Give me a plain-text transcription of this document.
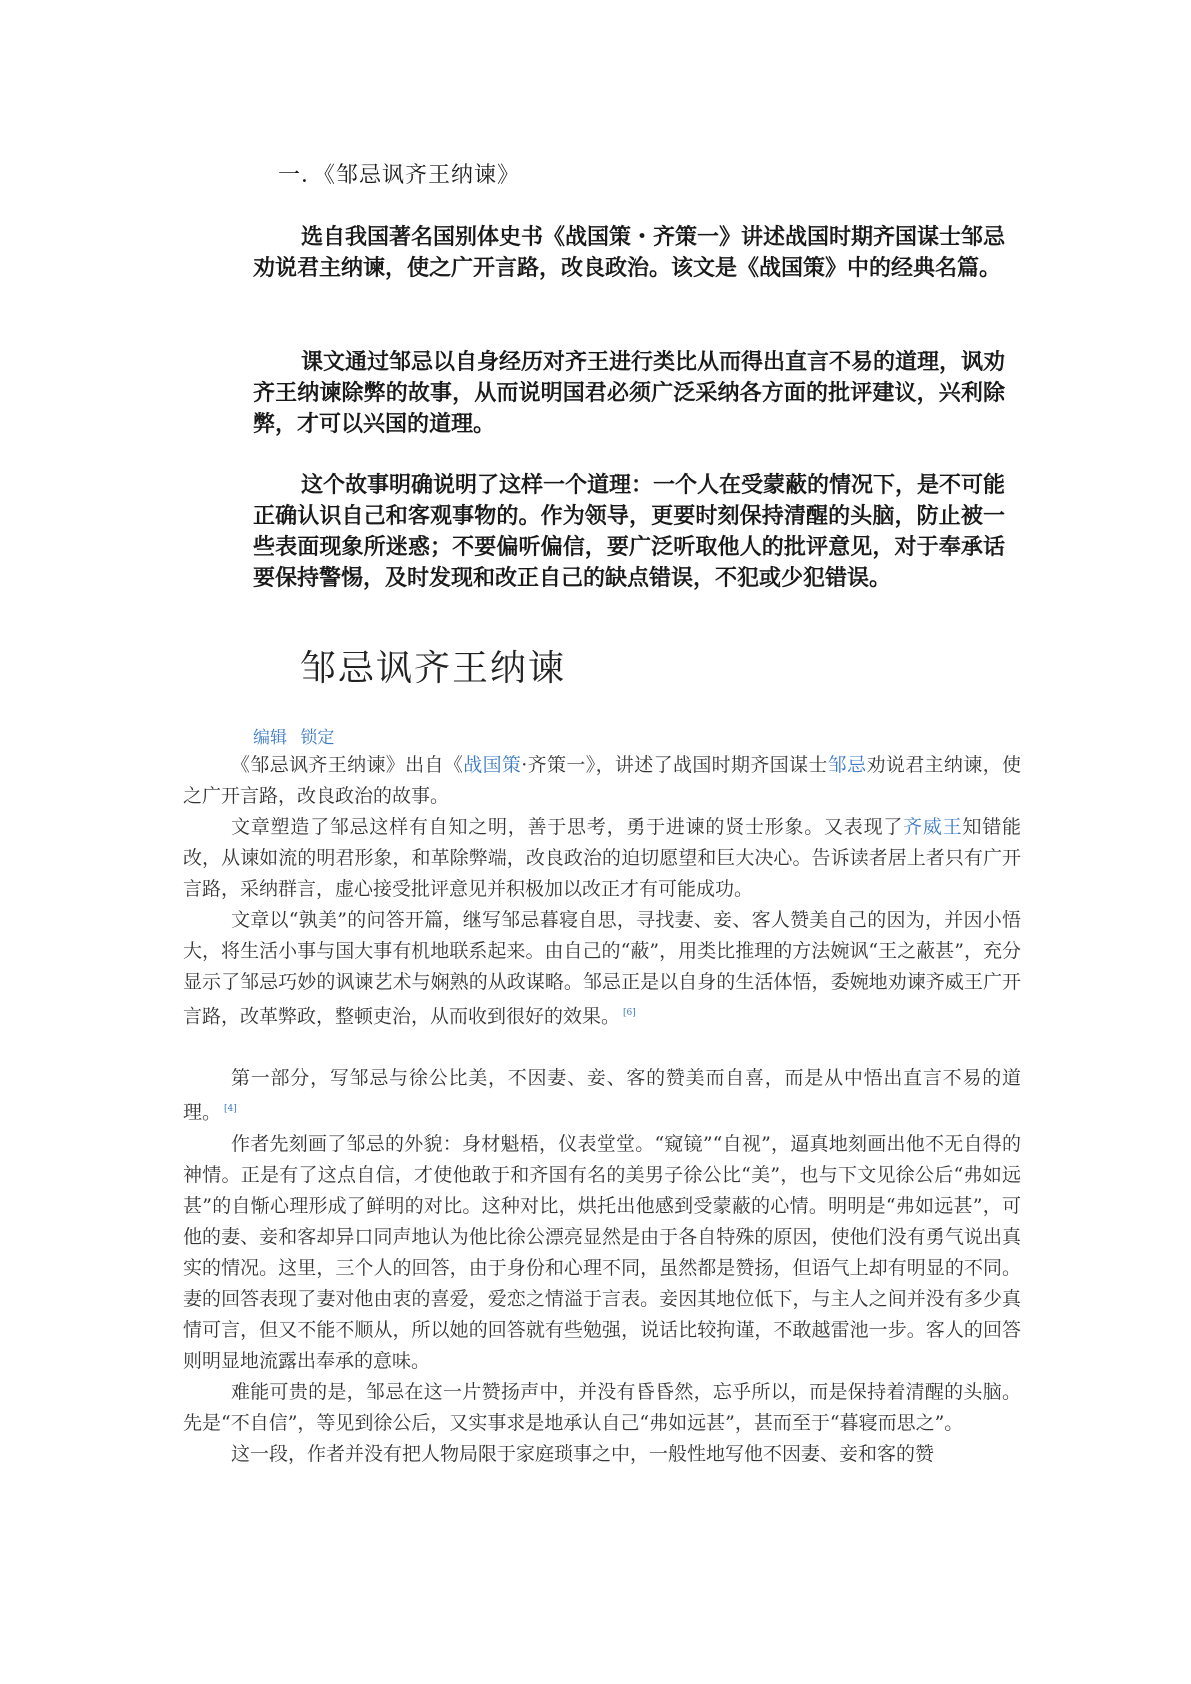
一．《邹忌讽齐王纳谏》

选自我国著名国别体史书《战国策・齐策一》讲述战国时期齐国谋士邹忌劝说君主纳谏，使之广开言路，改良政治。该文是《战国策》中的经典名篇。

课文通过邹忌以自身经历对齐王进行类比从而得出直言不易的道理，讽劝齐王纳谏除弊的故事，从而说明国君必须广泛采纳各方面的批评建议，兴利除弊，才可以兴国的道理。

这个故事明确说明了这样一个道理：一个人在受蒙蔽的情况下，是不可能正确认识自己和客观事物的。作为领导，更要时刻保持清醒的头脑，防止被一些表面现象所迷惑；不要偏听偏信，要广泛听取他人的批评意见，对于奉承话要保持警惕，及时发现和改正自己的缺点错误，不犯或少犯错误。

邹忌讽齐王纳谏
编辑 锁定

《邹忌讽齐王纳谏》出自《战国策·齐策一》，讲述了战国时期齐国谋士邹忌劝说君主纳谏，使之广开言路，改良政治的故事。

文章塑造了邹忌这样有自知之明，善于思考，勇于进谏的贤士形象。又表现了齐威王知错能改，从谏如流的明君形象，和革除弊端，改良政治的迫切愿望和巨大决心。告诉读者居上者只有广开言路，采纳群言，虚心接受批评意见并积极加以改正才有可能成功。

文章以“孰美”的问答开篇，继写邹忌暮寝自思，寻找妻、妾、客人赞美自己的因为，并因小悟大，将生活小事与国大事有机地联系起来。由自己的“蔽”，用类比推理的方法婉讽“王之蔽甚”，充分显示了邹忌巧妙的讽谏艺术与娴熟的从政谋略。邹忌正是以自身的生活体悟，委婉地劝谏齐威王广开言路，改革弊政，整顿吏治，从而收到很好的效果。 [6]

第一部分，写邹忌与徐公比美，不因妻、妾、客的赞美而自喜，而是从中悟出直言不易的道理。 [4]

作者先刻画了邹忌的外貌：身材魁梧，仪表堂堂。“窥镜”“自视”，逼真地刻画出他不无自得的神情。正是有了这点自信，才使他敢于和齐国有名的美男子徐公比“美”，也与下文见徐公后“弗如远甚”的自惭心理形成了鲜明的对比。这种对比，烘托出他感到受蒙蔽的心情。明明是“弗如远甚”，可他的妻、妾和客却异口同声地认为他比徐公漂亮显然是由于各自特殊的原因，使他们没有勇气说出真实的情况。这里，三个人的回答，由于身份和心理不同，虽然都是赞扬，但语气上却有明显的不同。妻的回答表现了妻对他由衷的喜爱，爱恋之情溢于言表。妾因其地位低下，与主人之间并没有多少真情可言，但又不能不顺从，所以她的回答就有些勉强，说话比较拘谨，不敢越雷池一步。客人的回答则明显地流露出奉承的意味。

难能可贵的是，邹忌在这一片赞扬声中，并没有昏昏然，忘乎所以，而是保持着清醒的头脑。先是“不自信”，等见到徐公后，又实事求是地承认自己“弗如远甚”，甚而至于“暮寝而思之”。

这一段，作者并没有把人物局限于家庭琐事之中，一般性地写他不因妻、妾和客的赞
